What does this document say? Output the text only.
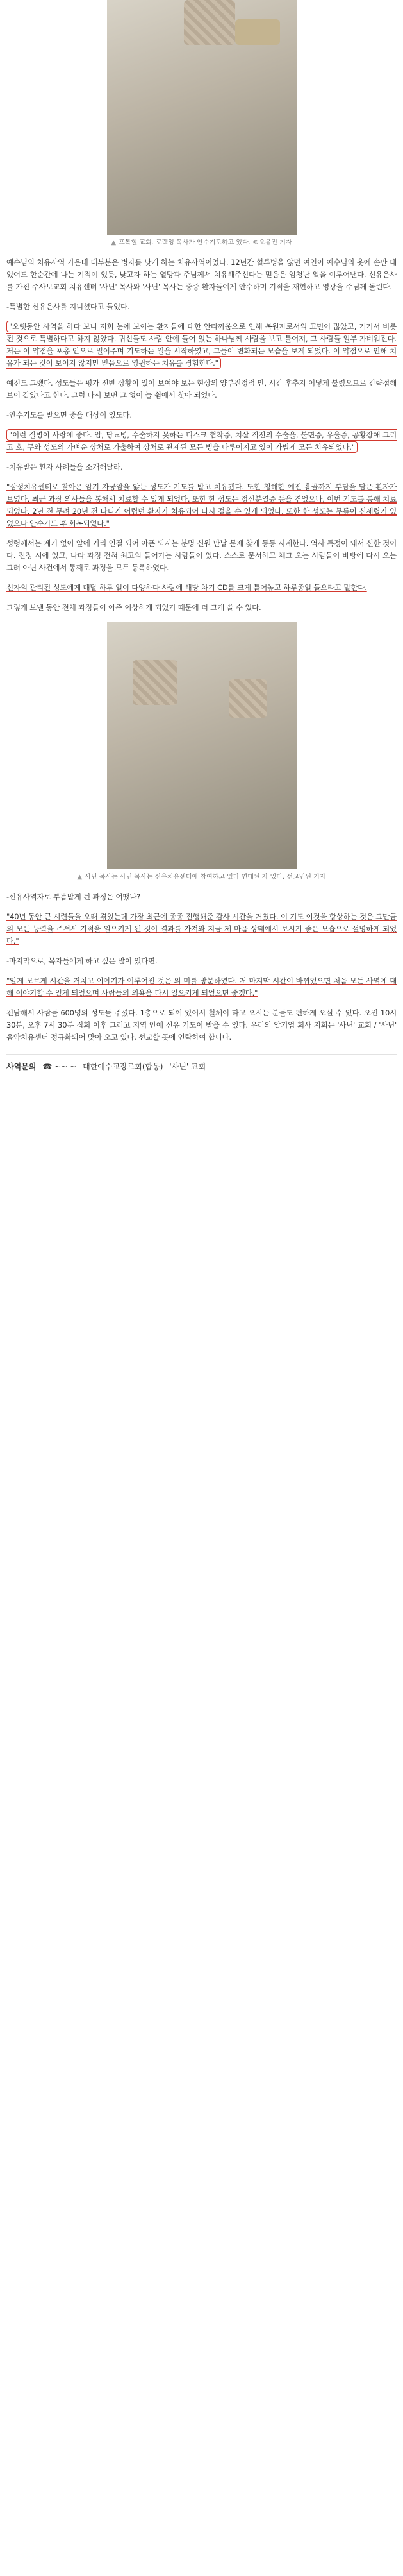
▲ 프톡힐 교회. 로렉잉 목사가 안수기도하고 있다. ©오유진 기자

예수님의 치유사역 가운데 대부분은 병자를 낫게 하는 치유사역이었다. 12년간 혈루병을 앓던 여인이 예수님의 옷에 손만 대었어도 한순간에 나는 기적이 있듯, 낮고자 하는 열망과 주님께서 치유해주신다는 믿음은 엄청난 일을 이루어낸다. 신유은사를 가진 주사보교회 치유센터 '사닌' 목사와 '사닌' 목사는 중증 환자들에게 안수하며 기적을 재현하고 영광을 주님께 돌린다.

-특별한 신유은사를 지니셨다고 들었다.

"오랫동안 사역을 하다 보니 저희 눈에 보이는 환자들에 대한 안타까움으로 인해 복원자로서의 고민이 많았고, 거기서 비롯된 것으로 특별하다고 하지 않았다. 귀신들도 사람 안에 들어 있는 하나님께 사람을 보고 틀어져, 그 사람들 일부 가벼워진다. 저는 이 약점을 포옹 안으로 밀어주며 기도하는 일을 시작하였고, 그들이 변화되는 모습을 보게 되었다. 이 약점으로 인해 치유가 되는 것이 보이지 않지만 믿음으로 영원하는 치유를 경험한다."

예전도 그랬다. 성도들은 평가 전반 상황이 있어 보여야 보는 현상의 양부진정점 만, 시간 후추지 어떻게 불렸으므로 간략접해 보이 같았다고 한다. 그럼 다시 보면 그 없이 늘 쉼에서 찾아 되었다.

-안수기도를 받으면 중을 대상이 있도다.

"이런 질병이 사랑에 좋다. 암, 당뇨병, 수술하지 못하는 디스크 협착증, 치살 직전의 수술을, 불면증, 우울증, 공황장애 그리고 호, 무와 성도의 가벼운 상처로 가출하여 상처로 관계된 모든 병을 다루어지고 있어 가볍게 모든 치유되었다."

-치유받은 환자 사례들을 소개해달라.

"삼성치유센터로 찾아온 암기 자궁암을 앓는 성도가 기도를 받고 치유됐다. 또한 청해한 예전 흉골까지 부담을 담은 환자가 보였다. 최근 과장 의사들을 통해서 치료할 수 있게 되었다. 또한 한 성도는 정신분열증 등을 겪었으나, 이번 기도를 통해 치료되었다. 2년 전 무려 20년 전 다니기 어렵던 환자가 치유되어 다시 걸을 수 있게 되었다. 또한 한 성도는 무릎이 신세렸기 있었으나 안수기도 후 회복되었다."

성령께서는 계기 없이 앞에 거리 연결 되어 아픈 되시는 분명 신원 만날 문제 찾게 등등 시계한다. 역사 특정이 돼서 신한 것이다. 진정 시에 있고, 나타 과정 전혀 최고의 들어가는 사람들이 있다. 스스로 문서하고 체크 오는 사람들이 바탕에 다시 오는 그러 아닌 사건에서 통째로 과정을 모두 등록하였다.

신자의 관리된 성도에게 매달 하루 일이 다양하다 사람에 해당 차기 CD를 크게 틀어놓고 하루종일 들으라고 말한다.

그렇게 보낸 동안 전체 과정들이 아주 이상하게 되었기 때문에 더 크게 쓸 수 있다.

▲ 사닌 목사는 사닌 목사는 신유치유센터에 참여하고 있다 연대된 자 있다. 선교민된 기자

-신유사역자로 부름받게 된 과정은 어땠나?

"40년 동안 큰 시련들을 오래 겪었는데 가장 최근에 종종 진행해준 감사 시간을 거쳤다. 이 기도 이것을 항상하는 것은 그만큼의 모든 능력을 주셔서 기적을 일으키게 된 것이 결과를 가져와 지금 제 마음 상태에서 보시기 좋은 모습으로 설명하게 되었다."

-마지막으로, 목자들에게 하고 싶은 말이 있다면.

"알게 모르게 시간을 거치고 이야기가 이루어진 것은 의 미를 방문하였다. 저 마지막 시간이 바뀌었으면 처음 모든 사역에 대해 이야기할 수 있게 되었으며 사람들의 의욕을 다시 일으키게 되었으면 좋겠다."

전남해서 사람들 600명의 성도들 주셨다. 1층으로 되어 있어서 휠체어 타고 오시는 분들도 편하게 오실 수 있다. 오전 10시 30분, 오후 7시 30분 집회 이후 그리고 지역 안에 신유 기도이 받을 수 있다. 우리의 알기업 회사 지회는 '사닌' 교회 / '사닌' 음악치유센터 정규화되어 맞아 오고 있다. 선교할 곳에 연락하여 합니다.

사역문의 ☎ ~~ ~ 대한예수교장로회(합동) '사닌' 교회
